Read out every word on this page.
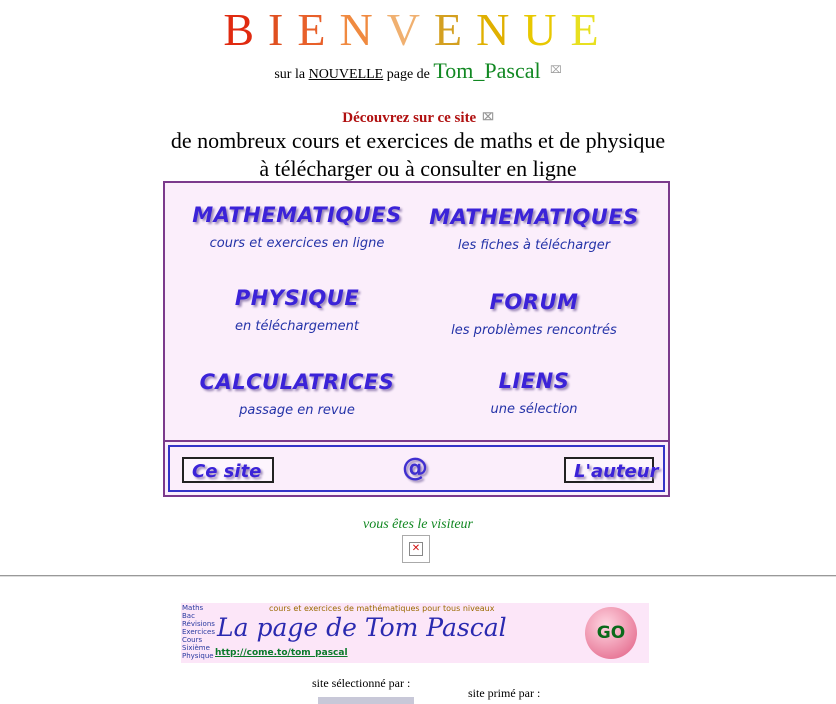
BIENVENUE
sur la NOUVELLE page de Tom_Pascal ⌧
Découvrez sur ce site ⌧
de nombreux cours et exercices de maths et de physique
à télécharger ou à consulter en ligne
MATHEMATIQUES
cours et exercices en ligne
MATHEMATIQUES
les fiches à télécharger
PHYSIQUE
en téléchargement
FORUM
les problèmes rencontrés
CALCULATRICES
passage en revue
LIENS
une sélection
Ce site	@	L'auteur
vous êtes le visiteur
✕
cours et exercices de mathématiques pour tous niveaux
Maths
Bac
Révisions
Exercices
Cours
Sixième
Physique
La page de Tom Pascal
http://come.to/tom_pascal
GO
site sélectionné par :
site primé par :
